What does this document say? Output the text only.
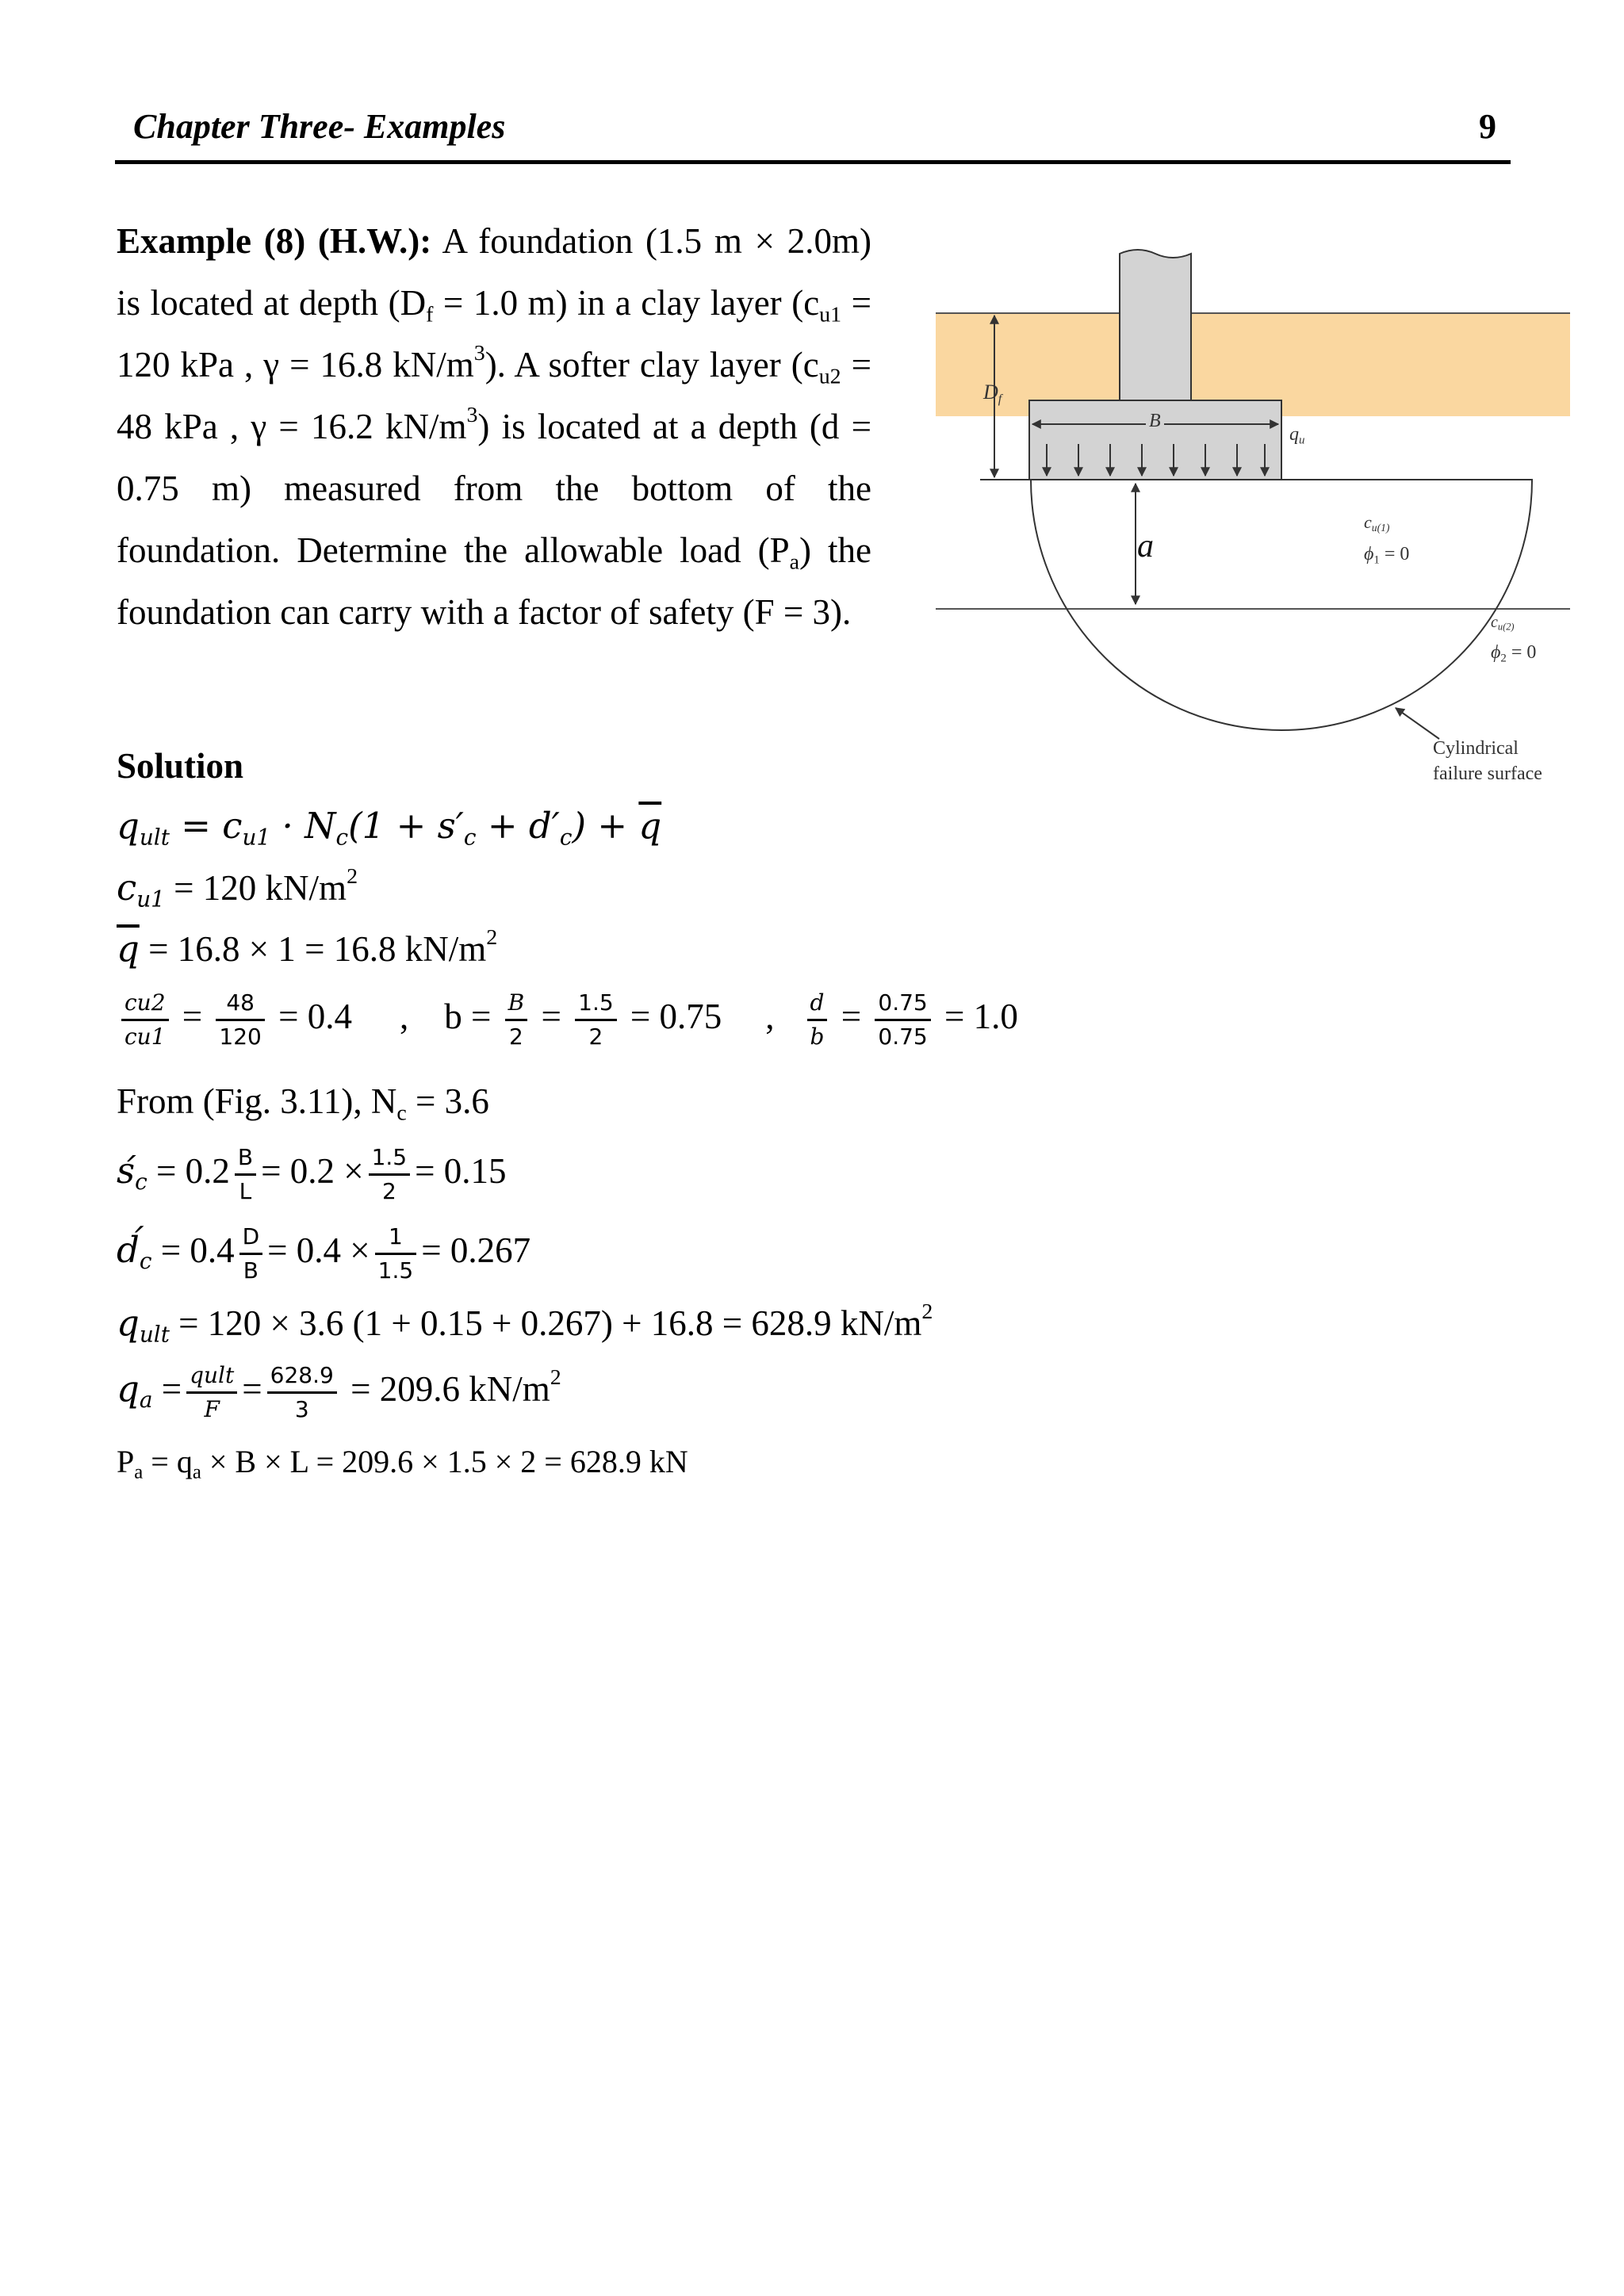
Chapter Three- Examples	9
Example (8) (H.W.): A foundation (1.5 m × 2.0m) is located at depth ($D_f = 1.0$ m) in a clay layer ($c_{u1} = 120$ kPa , γ = 16.8 $kN/m^3$). A softer clay layer ($c_{u2} = 48$ kPa , γ = 16.2 $kN/m^3$) is located at a depth (d = 0.75 m) measured from the bottom of the foundation. Determine the allowable load $(P_a)$ the foundation can carry with a factor of safety (F = 3).
$D_f$
B
$q_u$
a
$c_{u(1)}$
$\phi_1 = 0$
$c_{u(2)}$
$\phi_2 = 0$
Cylindrical
failure surface
Solution
$q_{ult} = c_{u1} \cdot N_c(1 + s'_c + d'_c) + \overline{q}$
$c_{u1} = 120$ $kN/m^2$
$\overline{q} = 16.8 \times 1 = 16.8$ $kN/m^2$
$\frac{cu2}{cu1} = \frac{48}{120} = 0.4$ , $b = \frac{B}{2} = \frac{1.5}{2} = 0.75$ , $\frac{d}{b} = \frac{0.75}{0.75} = 1.0$
From (Fig. 3.11), $N_c = 3.6$
$ś_c = 0.2 \frac{B}{L} = 0.2 \times \frac{1.5}{2} = 0.15$
$d́_c = 0.4 \frac{D}{B} = 0.4 \times \frac{1}{1.5} = 0.267$
$q_{ult} = 120 \times 3.6$ (1 + 0.15 + 0.267) + 16.8 = 628.9 $kN/m^2$
$q_a = \frac{\text{qult}}{F} = \frac{628.9}{3} = 209.6$ $kN/m^2$
$P_a = q_a \times B \times L = 209.6 \times 1.5 \times 2 = 628.9$ kN
